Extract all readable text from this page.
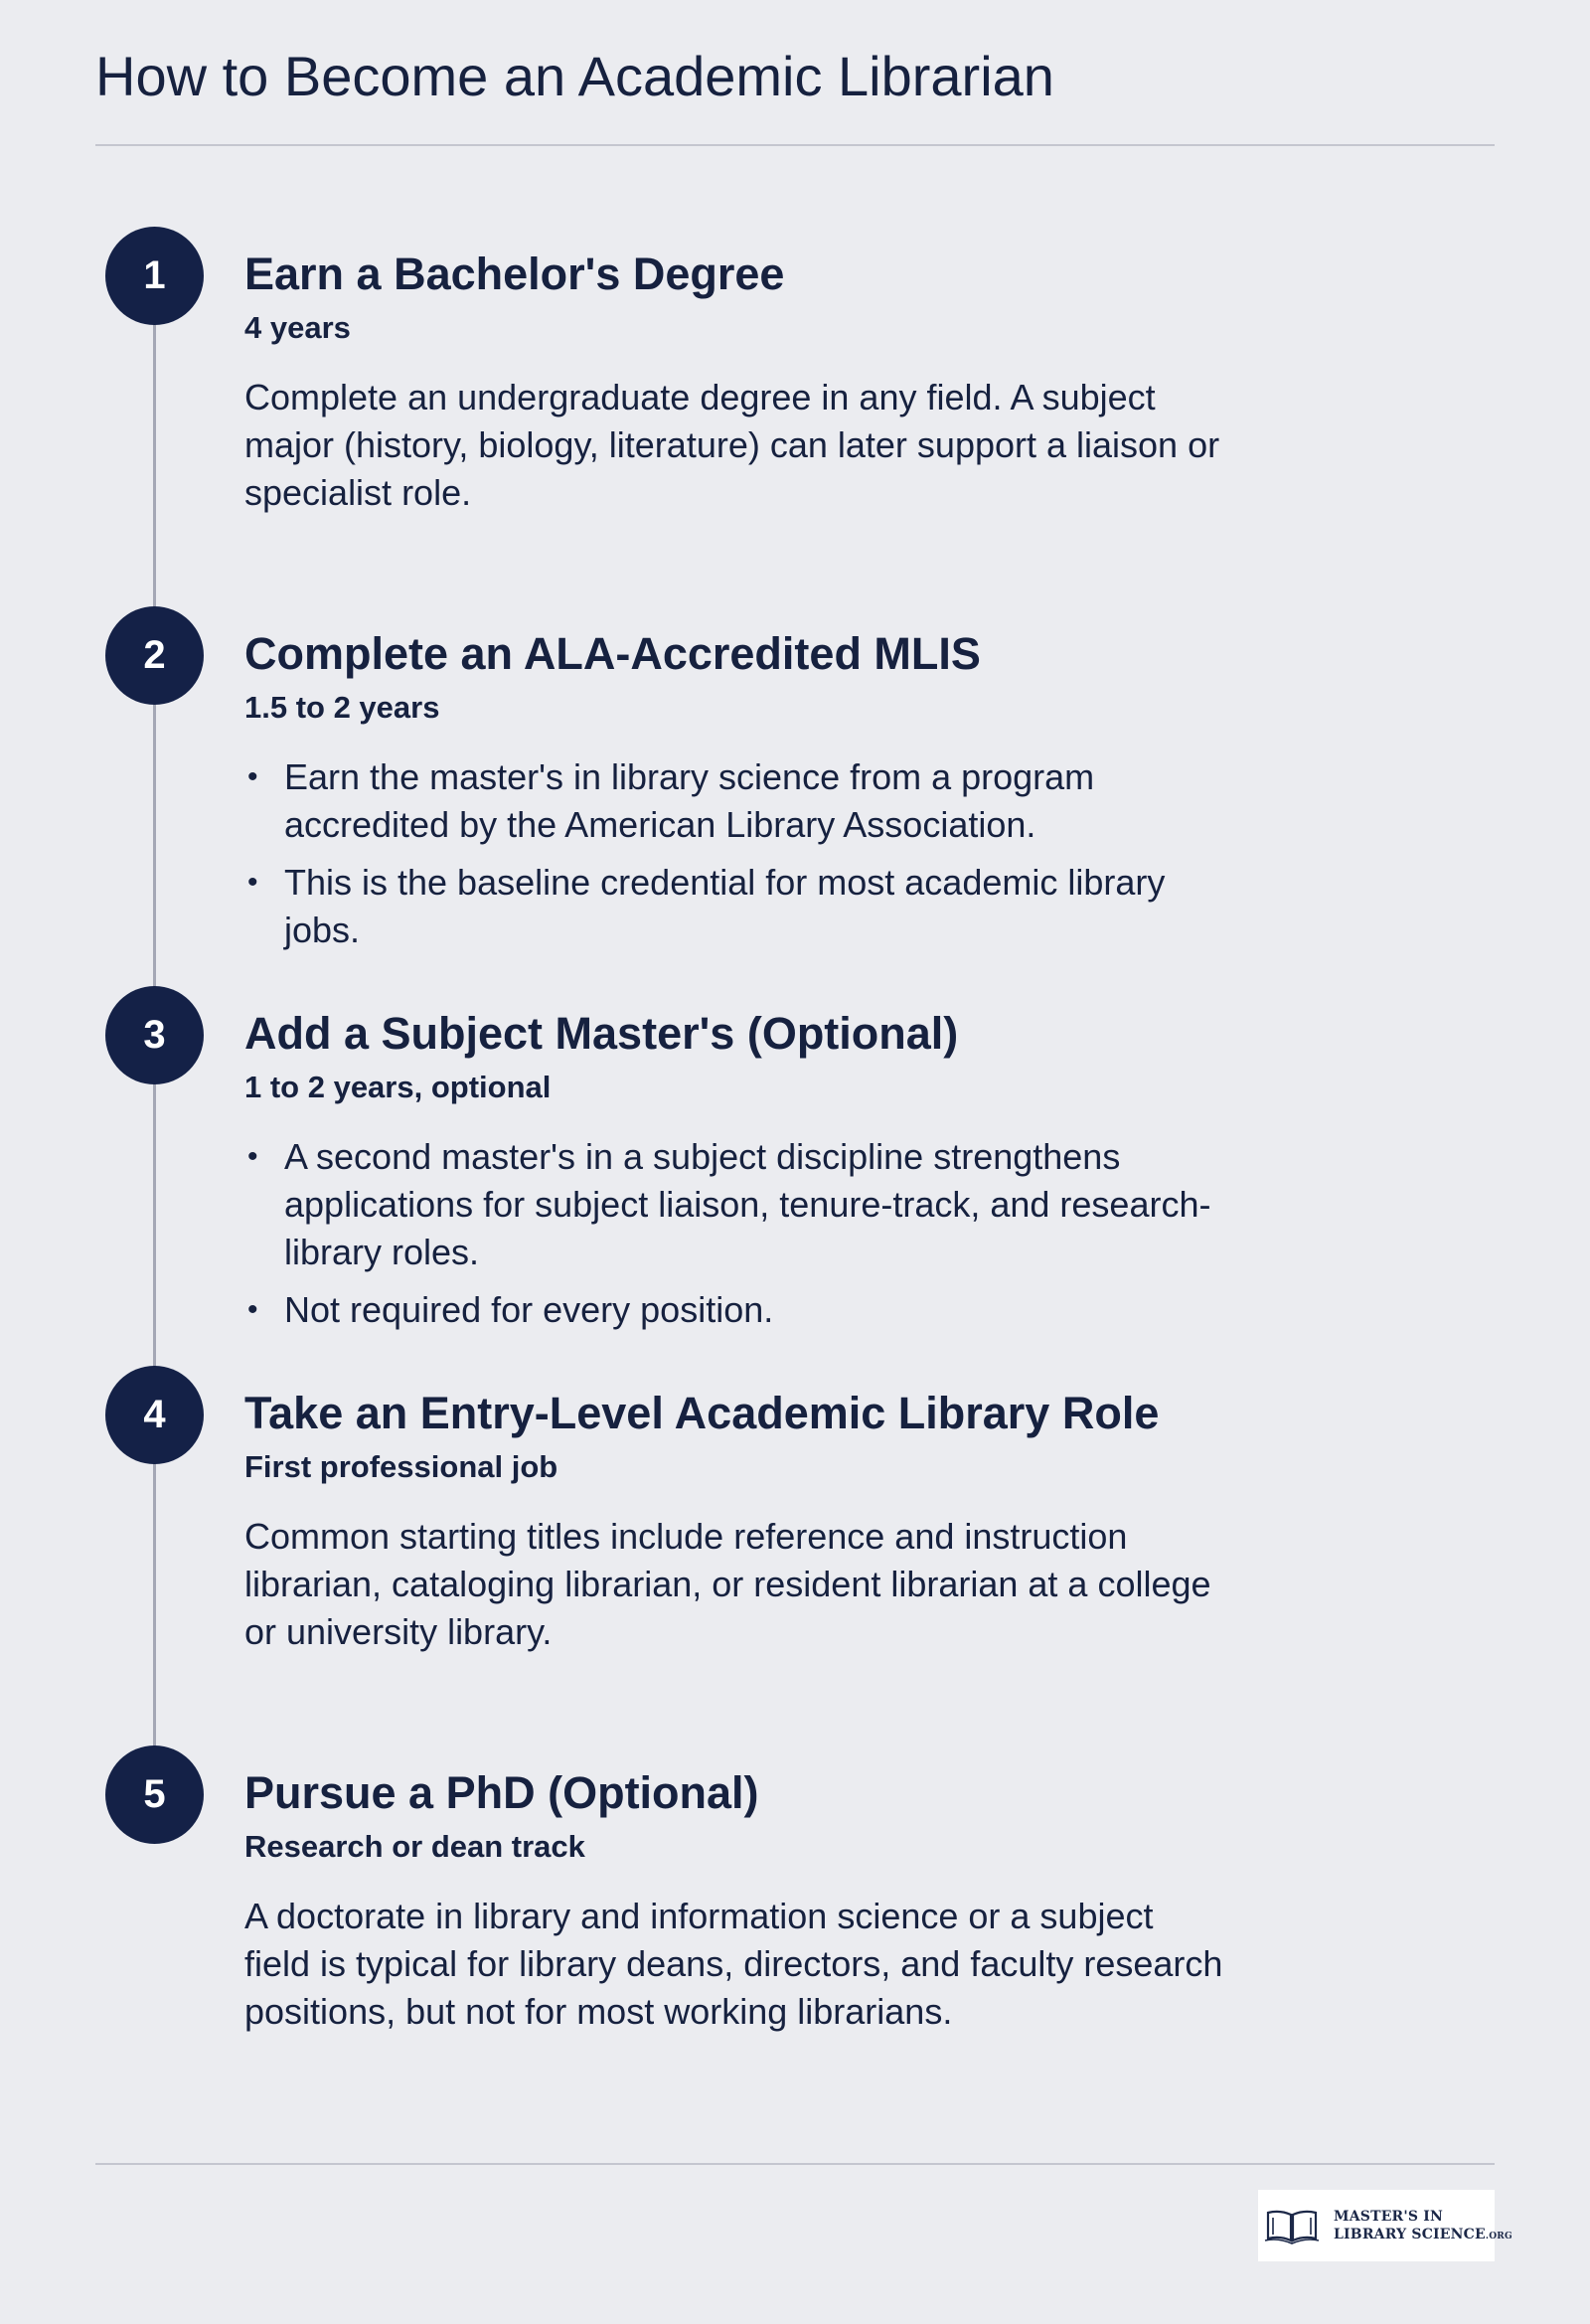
How to Become an Academic Librarian
1	Earn a Bachelor's Degree

4 years

Complete an undergraduate degree in any field. A subject major (history, biology, literature) can later support a liaison or specialist role.

2	Complete an ALA-Accredited MLIS

1.5 to 2 years

• Earn the master's in library science from a program accredited by the American Library Association.
• This is the baseline credential for most academic library jobs.
3	Add a Subject Master's (Optional)

1 to 2 years, optional

• A second master's in a subject discipline strengthens applications for subject liaison, tenure-track, and research-library roles.
• Not required for every position.
4	Take an Entry-Level Academic Library Role

First professional job

Common starting titles include reference and instruction librarian, cataloging librarian, or resident librarian at a college or university library.

5	Pursue a PhD (Optional)

Research or dean track

A doctorate in library and information science or a subject field is typical for library deans, directors, and faculty research positions, but not for most working librarians.

MASTER'S IN
LIBRARY SCIENCE.ORG
